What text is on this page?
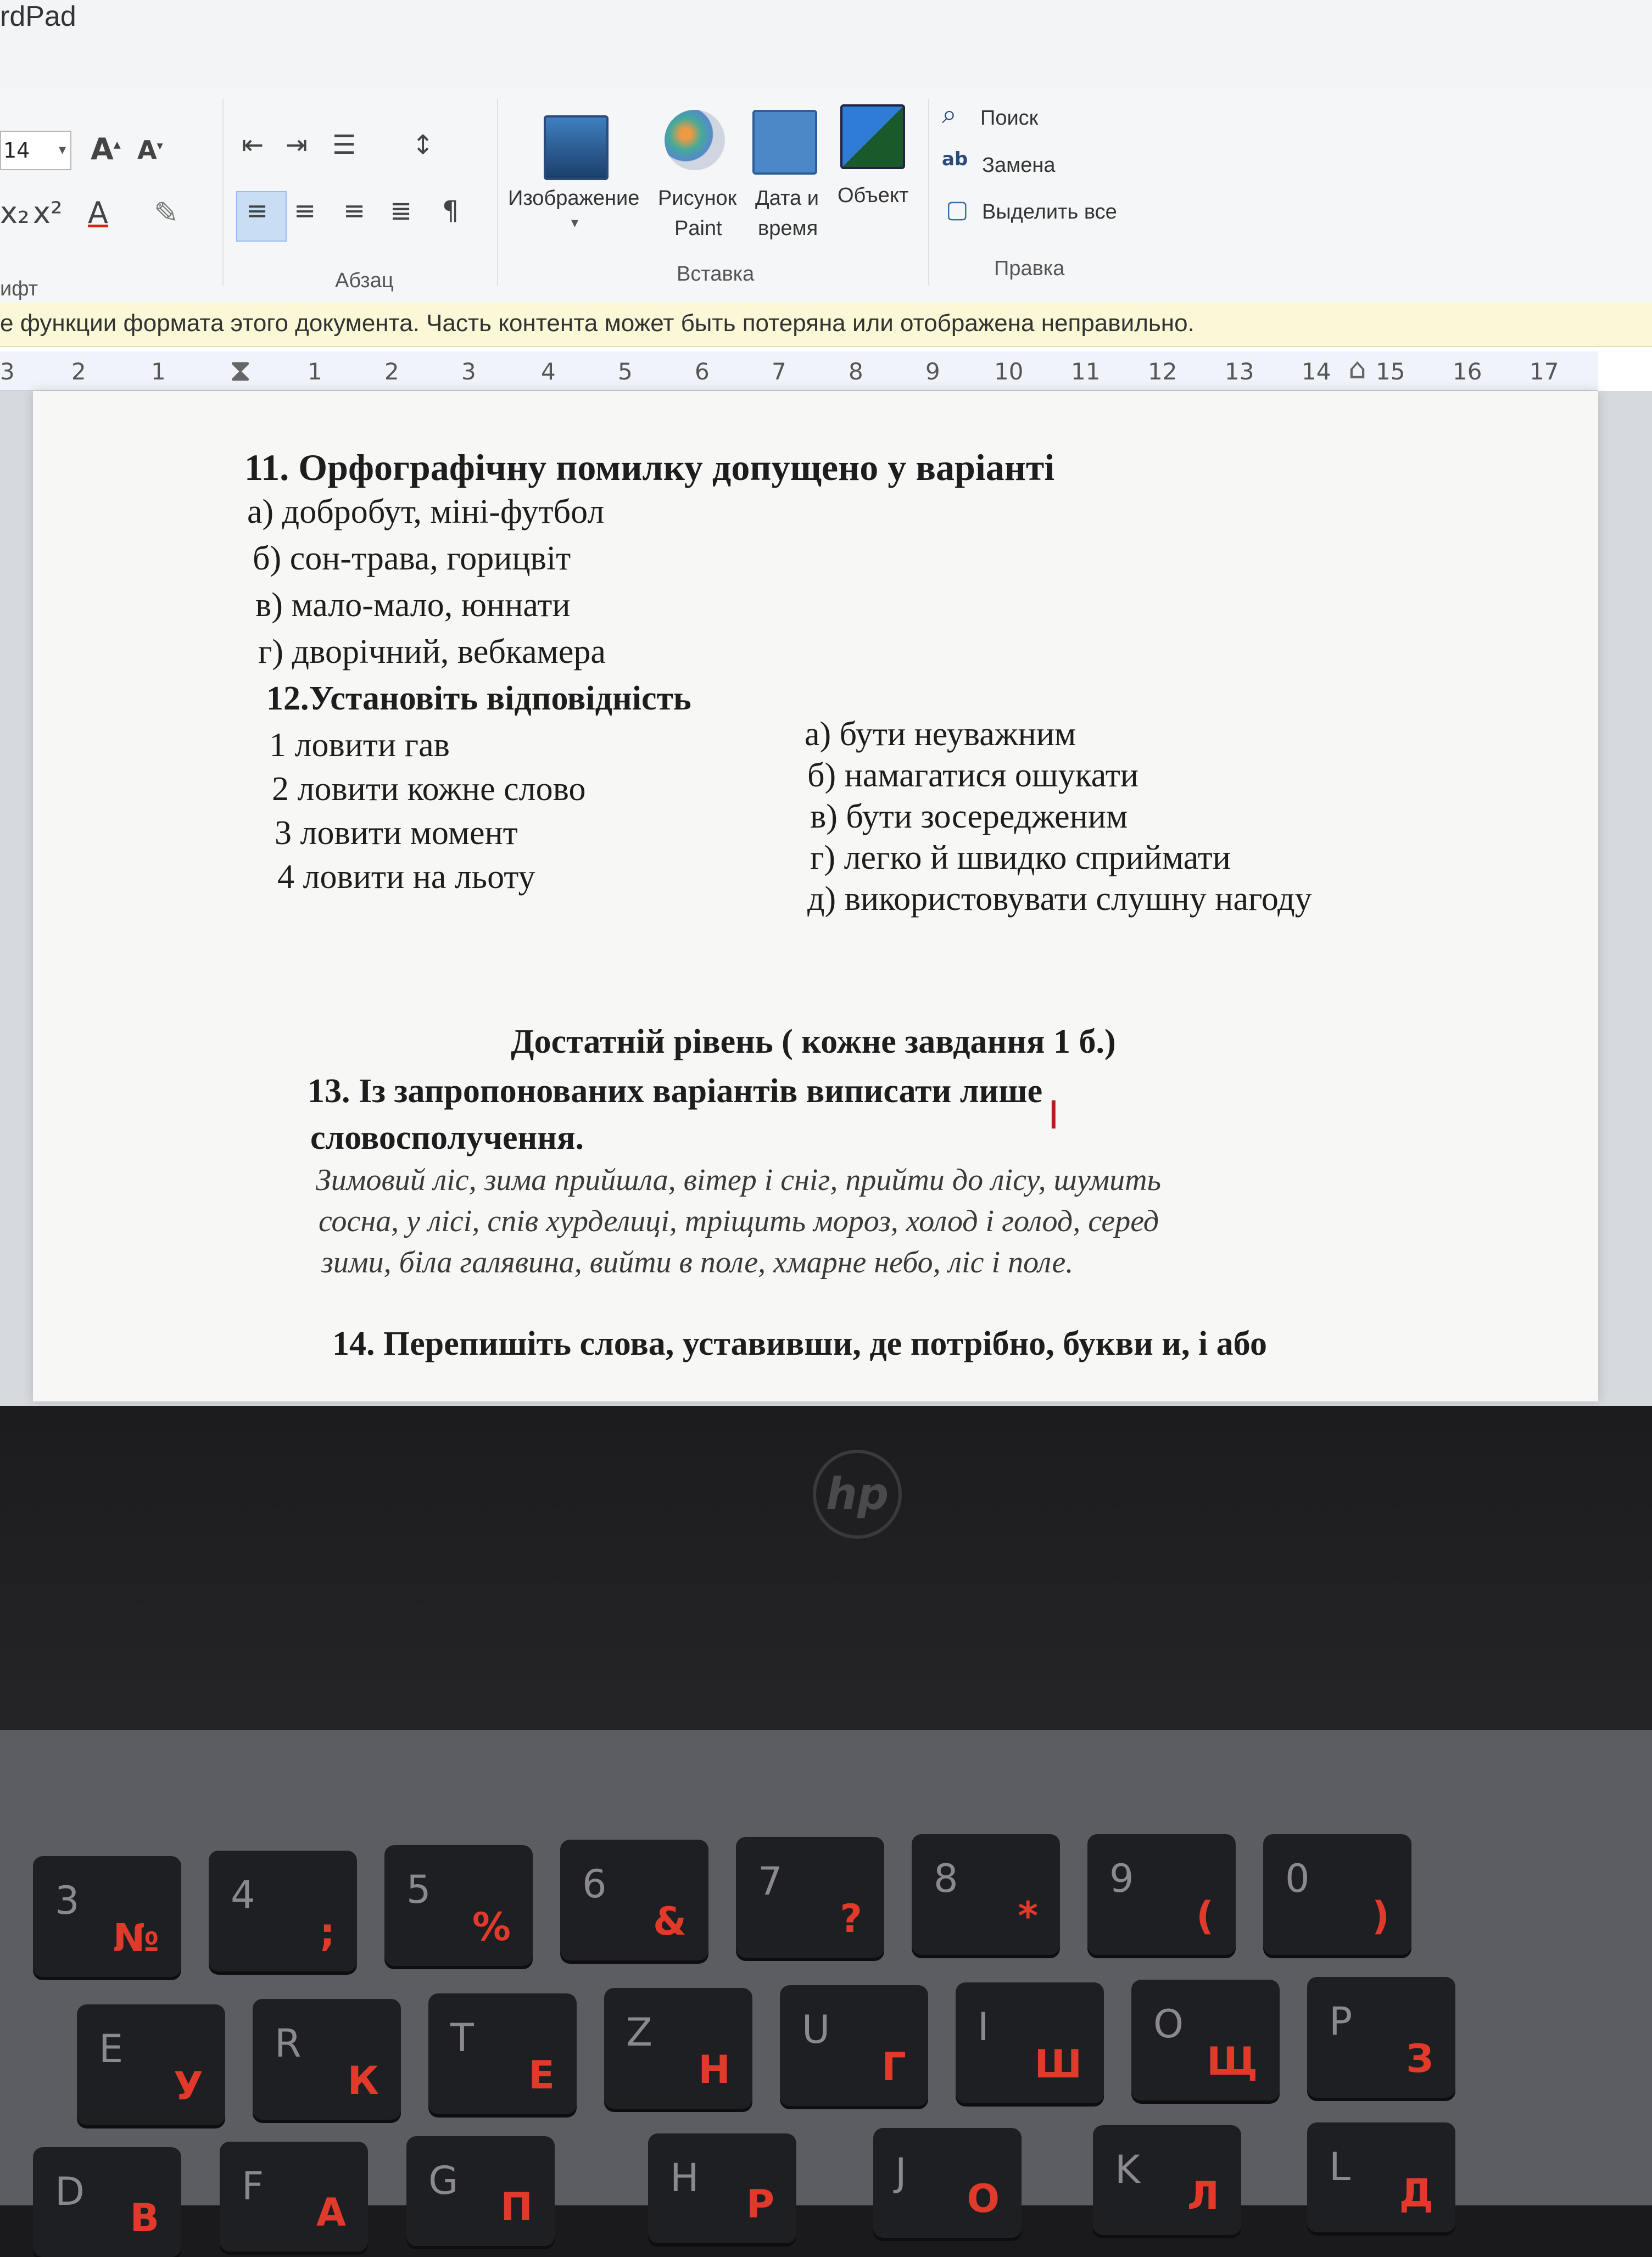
rdPad
14 ▾ A▴ A▾
x₂ x² A ✎
ифт
⇤ ⇥ ☰ ↕
≡ ≡ ≡ ≣ ¶
Абзац
Изображение
▾
Рисунок
Paint
Дата и
время
Объект
Вставка
⌕ Поиск
ab Замена
▢ Выделить все
Правка
е функции формата этого документа. Часть контента может быть потеряна или отображена неправильно.
3 2	1 ⧗ 1	2	3	4	5	6	7	8	9 10 11 12 13 14 ⌂ 15 16 17
11. Орфографічну помилку допущено у варіанті
а) добробут, міні-футбол
б) сон-трава, горицвіт
в) мало-мало, юннати
г) дворічний, вебкамера
12.Установіть відповідність
1 ловити гав
2 ловити кожне слово
3 ловити момент
4 ловити на льоту
а) бути неуважним
б) намагатися ошукати
в) бути зосередженим
г) легко й швидко сприймати
д) використовувати слушну нагоду
Достатній рівень ( кожне завдання 1 б.)
13. Із запропонованих варіантів виписати лише
словосполучення.
Зимовий ліс, зима прийшла, вітер і сніг, прийти до лісу, шумить
сосна, у лісі, спів хурделиці, тріщить мороз, холод і голод, серед
зими, біла галявина, вийти в поле, хмарне небо, ліс і поле.
14. Перепишіть слова, уставивши, де потрібно, букви и, і або
I
hp
3
№
4
;
5
%
6
&
7
?
8
*
9
(
0
)
E
У
R
К
T
Е
Z
Н
U
Г
I
Ш
O
Щ
P
З
D
В
F
А
G
П
H
Р
J
О
K
Л
L
Д
